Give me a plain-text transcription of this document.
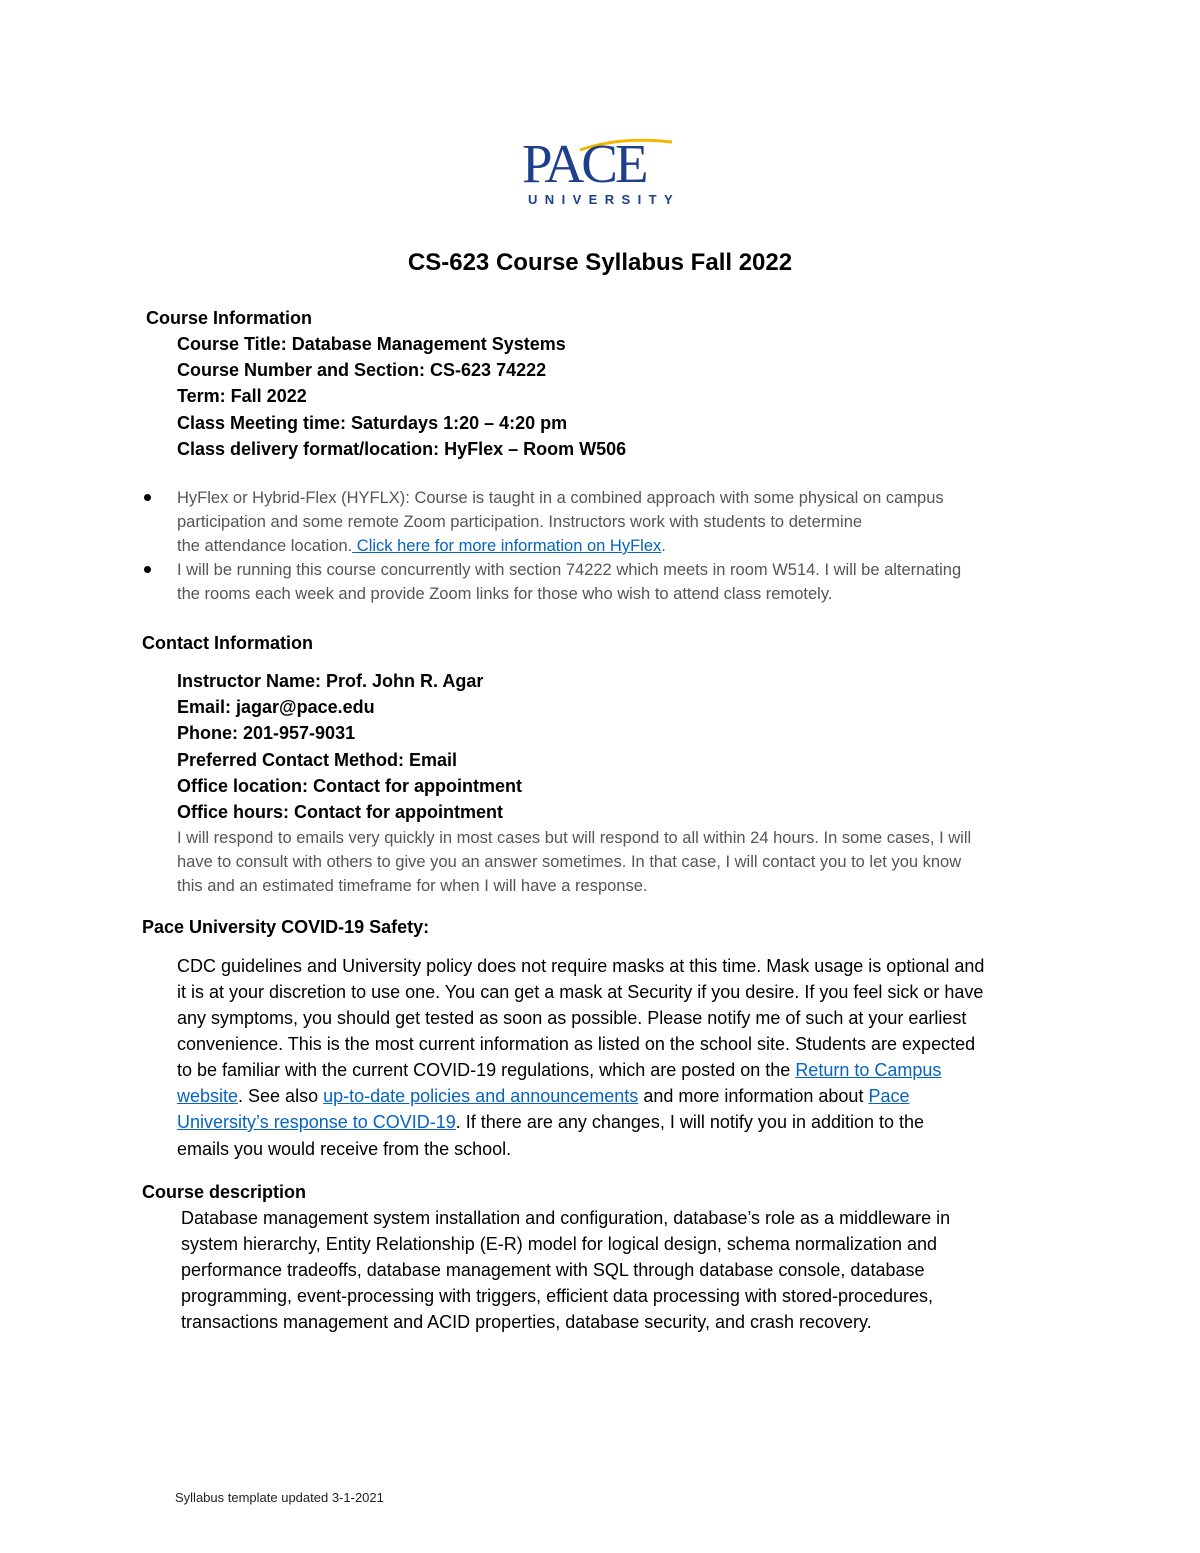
PACE
UNIVERSITY
CS-623 Course Syllabus Fall 2022
Course Information
Course Title: Database Management Systems
Course Number and Section: CS-623 74222
Term: Fall 2022
Class Meeting time: Saturdays 1:20 – 4:20 pm
Class delivery format/location: HyFlex – Room W506
HyFlex or Hybrid-Flex (HYFLX): Course is taught in a combined approach with some physical on campus
participation and some remote Zoom participation. Instructors work with students to determine
the attendance location. Click here for more information on HyFlex.
I will be running this course concurrently with section 74222 which meets in room W514. I will be alternating
the rooms each week and provide Zoom links for those who wish to attend class remotely.
Contact Information
Instructor Name: Prof. John R. Agar
Email: jagar@pace.edu
Phone: 201-957-9031
Preferred Contact Method: Email
Office location: Contact for appointment
Office hours: Contact for appointment
I will respond to emails very quickly in most cases but will respond to all within 24 hours. In some cases, I will
have to consult with others to give you an answer sometimes. In that case, I will contact you to let you know
this and an estimated timeframe for when I will have a response.
Pace University COVID-19 Safety:
CDC guidelines and University policy does not require masks at this time. Mask usage is optional and
it is at your discretion to use one. You can get a mask at Security if you desire. If you feel sick or have
any symptoms, you should get tested as soon as possible. Please notify me of such at your earliest
convenience. This is the most current information as listed on the school site. Students are expected
to be familiar with the current COVID-19 regulations, which are posted on the Return to Campus
website. See also up-to-date policies and announcements and more information about Pace
University’s response to COVID-19. If there are any changes, I will notify you in addition to the
emails you would receive from the school.
Course description
Database management system installation and configuration, database’s role as a middleware in
system hierarchy, Entity Relationship (E-R) model for logical design, schema normalization and
performance tradeoffs, database management with SQL through database console, database
programming, event-processing with triggers, efficient data processing with stored-procedures,
transactions management and ACID properties, database security, and crash recovery.
Syllabus template updated 3-1-2021
